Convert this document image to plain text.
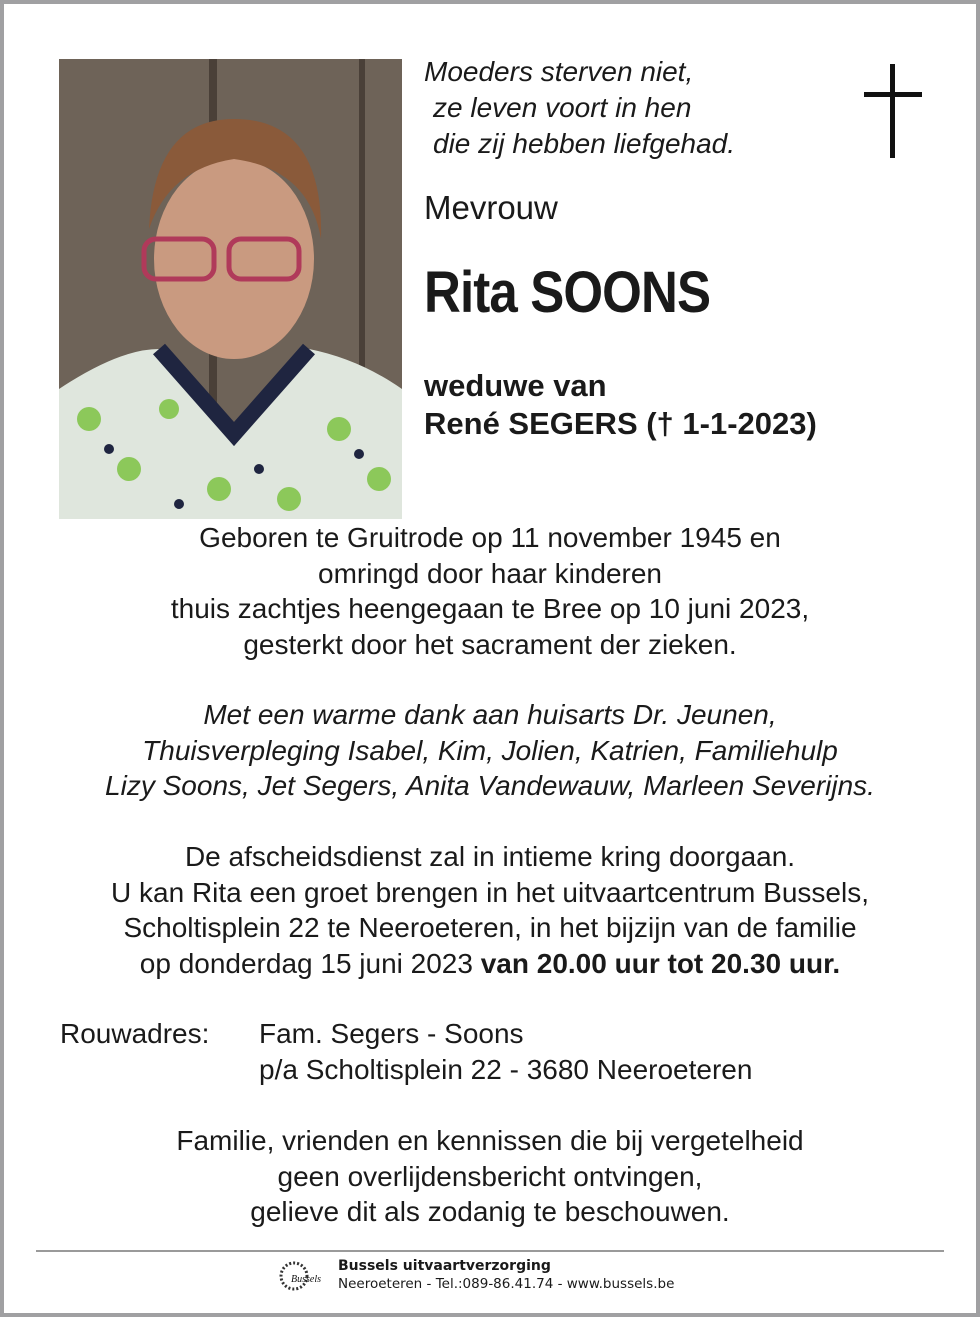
Moeders sterven niet,
ze leven voort in hen
die zij hebben liefgehad.
Mevrouw
Rita SOONS
weduwe van
René SEGERS († 1-1-2023)
Geboren te Gruitrode op 11 november 1945 en
omringd door haar kinderen
thuis zachtjes heengegaan te Bree op 10 juni 2023,
gesterkt door het sacrament der zieken.
Met een warme dank aan huisarts Dr. Jeunen,
Thuisverpleging Isabel, Kim, Jolien, Katrien, Familiehulp
Lizy Soons, Jet Segers, Anita Vandewauw, Marleen Severijns.
De afscheidsdienst zal in intieme kring doorgaan.
U kan Rita een groet brengen in het uitvaartcentrum Bussels,
Scholtisplein 22 te Neeroeteren, in het bijzijn van de familie
op donderdag 15 juni 2023 van 20.00 uur tot 20.30 uur.
Rouwadres: Fam. Segers - Soons
p/a Scholtisplein 22 - 3680 Neeroeteren
Familie, vrienden en kennissen die bij vergetelheid
geen overlijdensbericht ontvingen,
gelieve dit als zodanig te beschouwen.
Bussels
Bussels uitvaartverzorging
Neeroeteren - Tel.:089-86.41.74 - www.bussels.be
